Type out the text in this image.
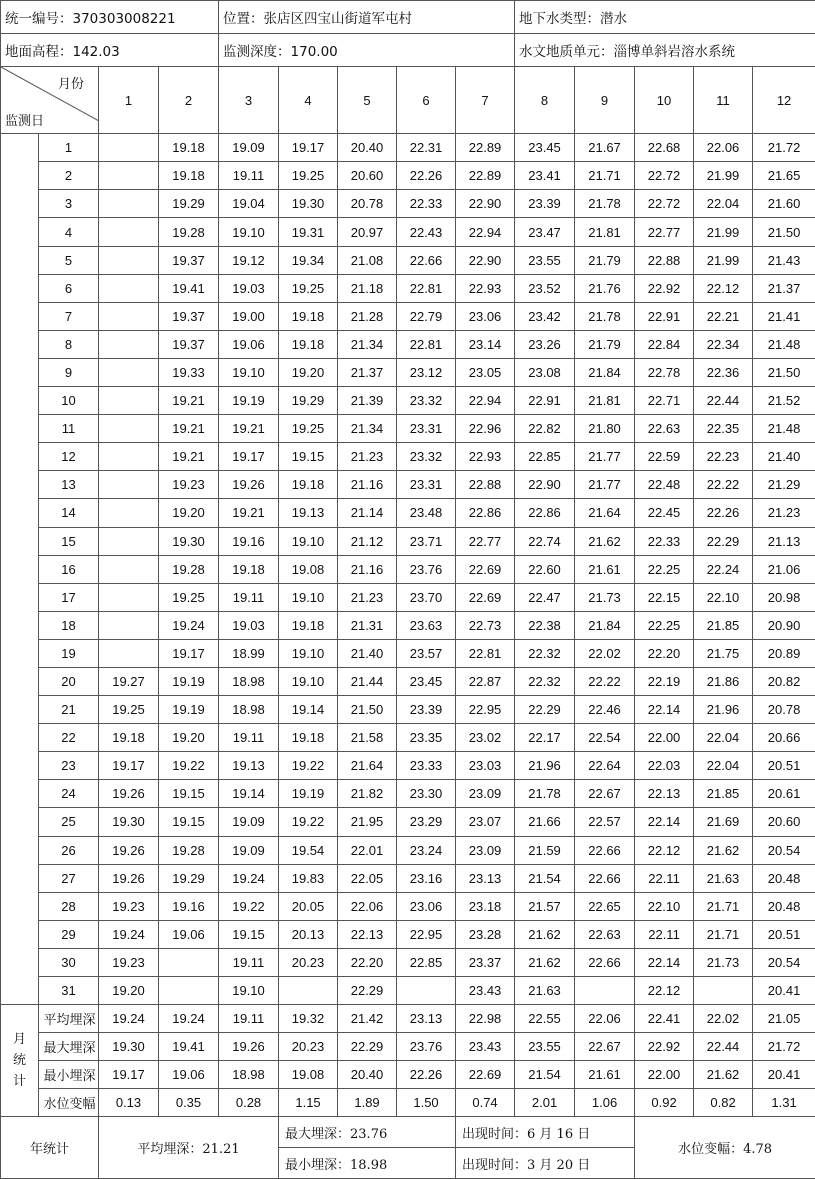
统一编号：370303008221				位置：张店区四宝山街道军屯村					地下水类型：潜水				
地面高程：142.03				监测深度：170.00					水文地质单元：淄博单斜岩溶水系统				

月份
监测日		1	2	3	4	5	6	7	8	9	10	11	12
	1		19.18	19.09	19.17	20.40	22.31	22.89	23.45	21.67	22.68	22.06	21.72
	2		19.18	19.11	19.25	20.60	22.26	22.89	23.41	21.71	22.72	21.99	21.65
	3		19.29	19.04	19.30	20.78	22.33	22.90	23.39	21.78	22.72	22.04	21.60
	4		19.28	19.10	19.31	20.97	22.43	22.94	23.47	21.81	22.77	21.99	21.50
	5		19.37	19.12	19.34	21.08	22.66	22.90	23.55	21.79	22.88	21.99	21.43
	6		19.41	19.03	19.25	21.18	22.81	22.93	23.52	21.76	22.92	22.12	21.37
	7		19.37	19.00	19.18	21.28	22.79	23.06	23.42	21.78	22.91	22.21	21.41
	8		19.37	19.06	19.18	21.34	22.81	23.14	23.26	21.79	22.84	22.34	21.48
	9		19.33	19.10	19.20	21.37	23.12	23.05	23.08	21.84	22.78	22.36	21.50
	10		19.21	19.19	19.29	21.39	23.32	22.94	22.91	21.81	22.71	22.44	21.52
	11		19.21	19.21	19.25	21.34	23.31	22.96	22.82	21.80	22.63	22.35	21.48
	12		19.21	19.17	19.15	21.23	23.32	22.93	22.85	21.77	22.59	22.23	21.40
	13		19.23	19.26	19.18	21.16	23.31	22.88	22.90	21.77	22.48	22.22	21.29
	14		19.20	19.21	19.13	21.14	23.48	22.86	22.86	21.64	22.45	22.26	21.23
	15		19.30	19.16	19.10	21.12	23.71	22.77	22.74	21.62	22.33	22.29	21.13
	16		19.28	19.18	19.08	21.16	23.76	22.69	22.60	21.61	22.25	22.24	21.06
	17		19.25	19.11	19.10	21.23	23.70	22.69	22.47	21.73	22.15	22.10	20.98
	18		19.24	19.03	19.18	21.31	23.63	22.73	22.38	21.84	22.25	21.85	20.90
	19		19.17	18.99	19.10	21.40	23.57	22.81	22.32	22.02	22.20	21.75	20.89
	20	19.27	19.19	18.98	19.10	21.44	23.45	22.87	22.32	22.22	22.19	21.86	20.82
	21	19.25	19.19	18.98	19.14	21.50	23.39	22.95	22.29	22.46	22.14	21.96	20.78
	22	19.18	19.20	19.11	19.18	21.58	23.35	23.02	22.17	22.54	22.00	22.04	20.66
	23	19.17	19.22	19.13	19.22	21.64	23.33	23.03	21.96	22.64	22.03	22.04	20.51
	24	19.26	19.15	19.14	19.19	21.82	23.30	23.09	21.78	22.67	22.13	21.85	20.61
	25	19.30	19.15	19.09	19.22	21.95	23.29	23.07	21.66	22.57	22.14	21.69	20.60
	26	19.26	19.28	19.09	19.54	22.01	23.24	23.09	21.59	22.66	22.12	21.62	20.54
	27	19.26	19.29	19.24	19.83	22.05	23.16	23.13	21.54	22.66	22.11	21.63	20.48
	28	19.23	19.16	19.22	20.05	22.06	23.06	23.18	21.57	22.65	22.10	21.71	20.48
	29	19.24	19.06	19.15	20.13	22.13	22.95	23.28	21.62	22.63	22.11	21.71	20.51
	30	19.23		19.11	20.23	22.20	22.85	23.37	21.62	22.66	22.14	21.73	20.54
	31	19.20		19.10		22.29		23.43	21.63		22.12		20.41

月
统
计	平均埋深	19.24	19.24	19.11	19.32	21.42	23.13	22.98	22.55	22.06	22.41	22.02	21.05
	最大埋深	19.30	19.41	19.26	20.23	22.29	23.76	23.43	23.55	22.67	22.92	22.44	21.72
	最小埋深	19.17	19.06	18.98	19.08	20.40	22.26	22.69	21.54	21.61	22.00	21.62	20.41
	水位变幅	0.13	0.35	0.28	1.15	1.89	1.50	0.74	2.01	1.06	0.92	0.82	1.31
年统计		平均埋深：21.21			最大埋深：23.76			出现时间：6 月 16 日			水位变幅：4.78		
					最小埋深：18.98			出现时间：3 月 20 日					
